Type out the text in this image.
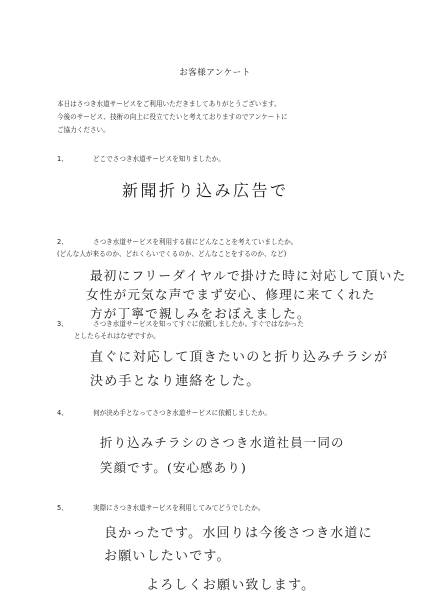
お客様アンケート
本日はさつき水道サービスをご利用いただきましてありがとうございます。
今後のサービス、技術の向上に役立てたいと考えておりますのでアンケートに
ご協力ください。
1、	どこでさつき水道サービスを知りましたか。
新聞折り込み広告で
2、	さつき水道サービスを利用する前にどんなことを考えていましたか。
(どんな人が来るのか、どれくらいでくるのか、どんなことをするのか、など)
最初にフリーダイヤルで掛けた時に対応して頂いた
女性が元気な声でまず安心、修理に来てくれた
方が丁寧で親しみをおぼえました。
3、	さつき水道サービスを知ってすぐに依頼しましたか。すぐではなかった
としたらそれはなぜですか。
直ぐに対応して頂きたいのと折り込みチラシが
決め手となり連絡をした。
4、	何が決め手となってさつき水道サービスに依頼しましたか。
折り込みチラシのさつき水道社員一同の
笑顔です。(安心感あり)
5、	実際にさつき水道サービスを利用してみてどうでしたか。
良かったです。水回りは今後さつき水道に
お願いしたいです。
よろしくお願い致します。
